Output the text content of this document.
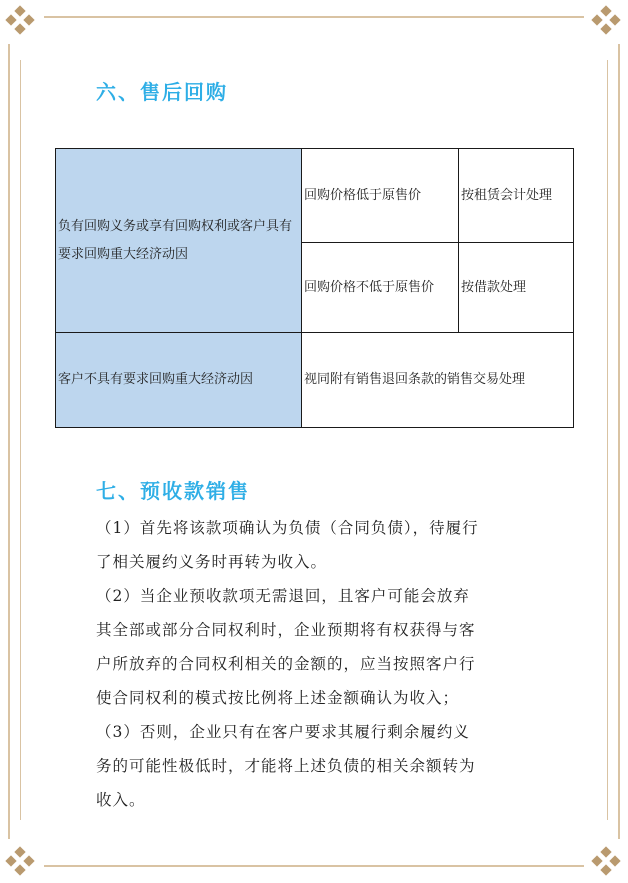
六、售后回购
负有回购义务或享有回购权利或客户具有要求回购重大经济动因	回购价格低于原售价	按租赁会计处理
	回购价格不低于原售价	按借款处理
客户不具有要求回购重大经济动因	视同附有销售退回条款的销售交易处理	
七、预收款销售
（1）首先将该款项确认为负债（合同负债），待履行
了相关履约义务时再转为收入。
（2）当企业预收款项无需退回，且客户可能会放弃
其全部或部分合同权利时，企业预期将有权获得与客
户所放弃的合同权利相关的金额的，应当按照客户行
使合同权利的模式按比例将上述金额确认为收入；
（3）否则，企业只有在客户要求其履行剩余履约义
务的可能性极低时，才能将上述负债的相关余额转为
收入。
